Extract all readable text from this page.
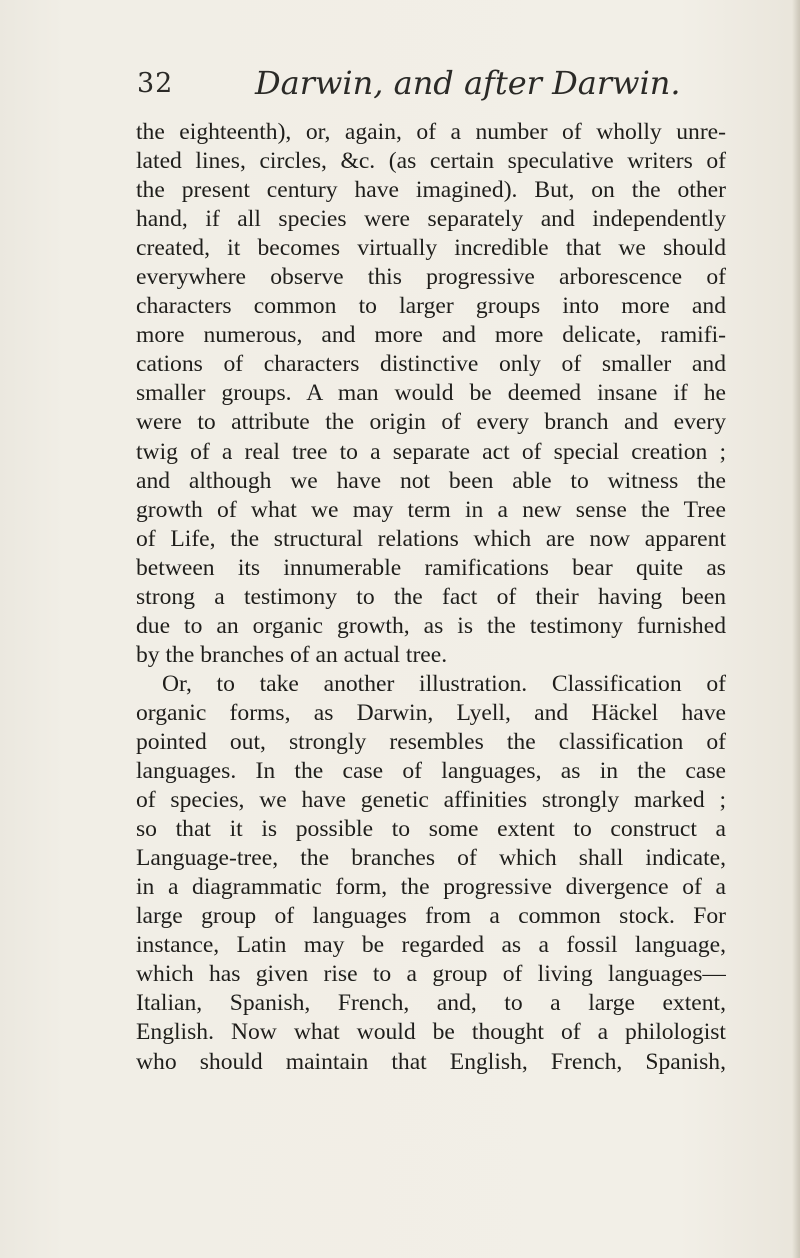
32	Darwin, and after Darwin.
the eighteenth), or, again, of a number of wholly unre-
lated lines, circles, &c. (as certain speculative writers of
the present century have imagined). But, on the other
hand, if all species were separately and independently
created, it becomes virtually incredible that we should
everywhere observe this progressive arborescence of
characters common to larger groups into more and
more numerous, and more and more delicate, ramifi-
cations of characters distinctive only of smaller and
smaller groups. A man would be deemed insane if he
were to attribute the origin of every branch and every
twig of a real tree to a separate act of special creation ;
and although we have not been able to witness the
growth of what we may term in a new sense the Tree
of Life, the structural relations which are now apparent
between its innumerable ramifications bear quite as
strong a testimony to the fact of their having been
due to an organic growth, as is the testimony furnished
by the branches of an actual tree.
Or, to take another illustration. Classification of
organic forms, as Darwin, Lyell, and Häckel have
pointed out, strongly resembles the classification of
languages. In the case of languages, as in the case
of species, we have genetic affinities strongly marked ;
so that it is possible to some extent to construct a
Language-tree, the branches of which shall indicate,
in a diagrammatic form, the progressive divergence of a
large group of languages from a common stock. For
instance, Latin may be regarded as a fossil language,
which has given rise to a group of living languages—
Italian, Spanish, French, and, to a large extent,
English. Now what would be thought of a philologist
who should maintain that English, French, Spanish,
